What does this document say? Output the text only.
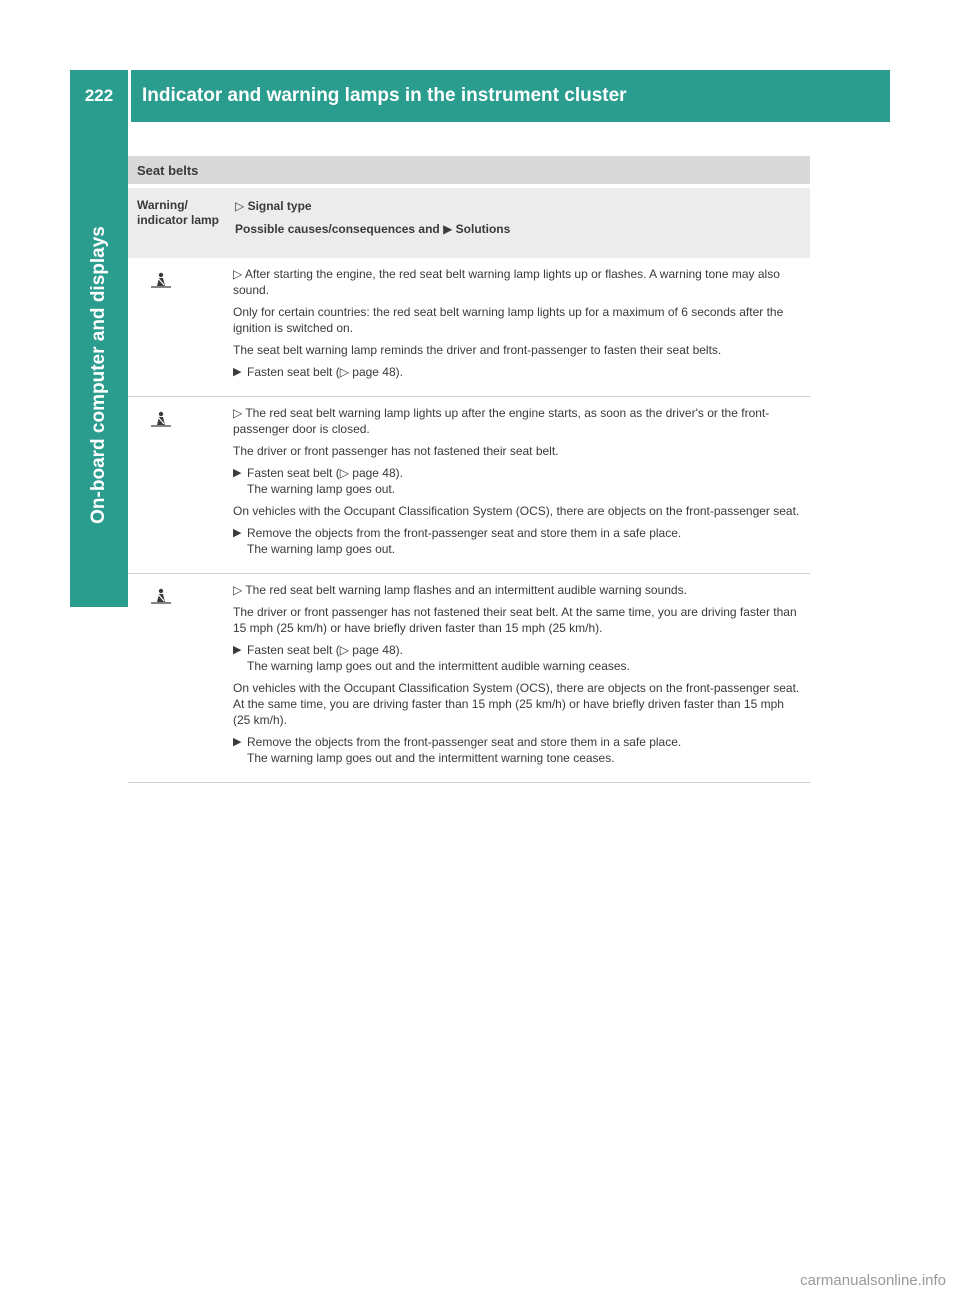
222	Indicator and warning lamps in the instrument cluster
On-board computer and displays
Seat belts
Warning/ indicator lamp

▷ Signal type

Possible causes/consequences and ▶ Solutions

▷ After starting the engine, the red seat belt warning lamp lights up or flashes. A warning tone may also sound.

Only for certain countries: the red seat belt warning lamp lights up for a maximum of 6 seconds after the ignition is switched on.

The seat belt warning lamp reminds the driver and front-passenger to fasten their seat belts.

▶ Fasten seat belt (▷ page 48).

▷ The red seat belt warning lamp lights up after the engine starts, as soon as the driver's or the front-passenger door is closed.

The driver or front passenger has not fastened their seat belt.

▶ Fasten seat belt (▷ page 48).
The warning lamp goes out.

On vehicles with the Occupant Classification System (OCS), there are objects on the front-passenger seat.

▶ Remove the objects from the front-passenger seat and store them in a safe place.
The warning lamp goes out.

▷ The red seat belt warning lamp flashes and an intermittent audible warning sounds.

The driver or front passenger has not fastened their seat belt. At the same time, you are driving faster than 15 mph (25 km/h) or have briefly driven faster than 15 mph (25 km/h).

▶ Fasten seat belt (▷ page 48).
The warning lamp goes out and the intermittent audible warning ceases.

On vehicles with the Occupant Classification System (OCS), there are objects on the front-passenger seat. At the same time, you are driving faster than 15 mph (25 km/h) or have briefly driven faster than 15 mph (25 km/h).

▶ Remove the objects from the front-passenger seat and store them in a safe place.
The warning lamp goes out and the intermittent warning tone ceases.
carmanualsonline.info
